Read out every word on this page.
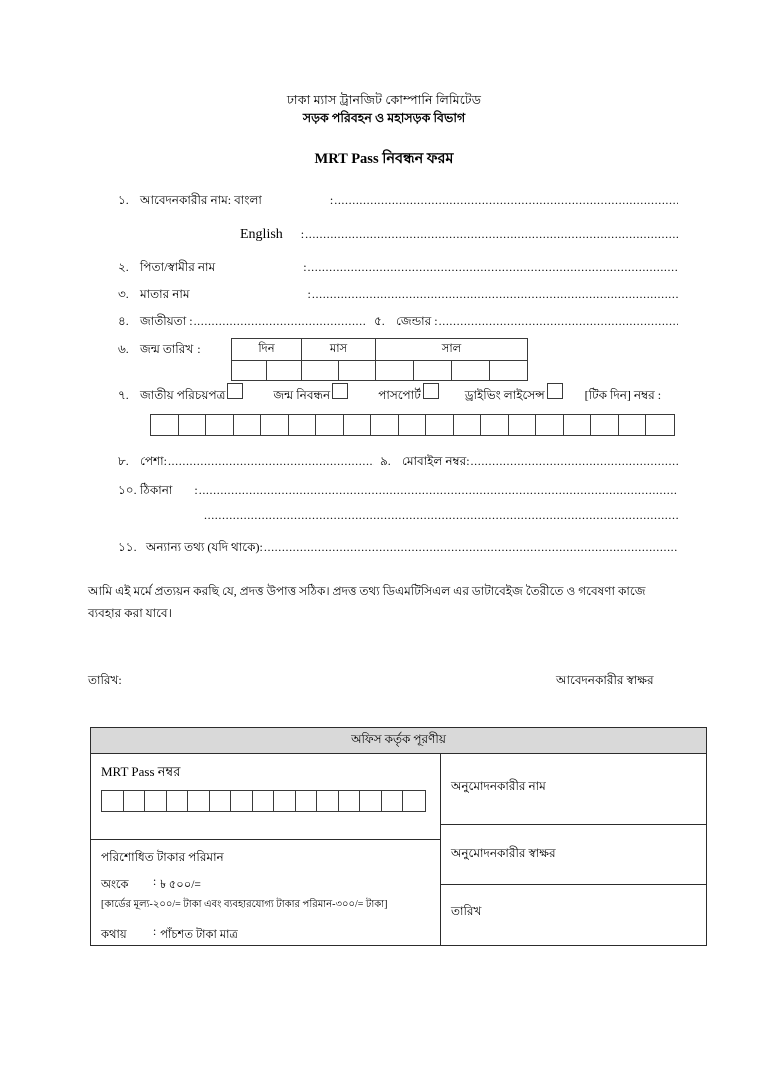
ঢাকা ম্যাস ট্রানজিট কোম্পানি লিমিটেড
সড়ক পরিবহন ও মহাসড়ক বিভাগ
MRT Pass নিবন্ধন ফরম
১. আবেদনকারীর নাম: বাংলা	:
.....
English :
.....
২. পিতা/স্বামীর নাম	:
.....
৩. মাতার নাম	:
.....
৪. জাতীয়তা : .....	৫. জেন্ডার :
.....
৬. জন্ম তারিখ :	দিন		মাস		সাল			

৭. জাতীয় পরিচয়পত্র	জন্ম নিবন্ধন	পাসপোর্ট	ড্রাইভিং লাইসেন্স	[টিক দিন] নম্বর :
৮. পেশা : .....	৯. মোবাইল নম্বর :
.....
১০. ঠিকানা :
.....
.....
১১. অন্যান্য তথ্য (যদি থাকে) :
.....
আমি এই মর্মে প্রত্যয়ন করছি যে, প্রদত্ত উপাত্ত সঠিক। প্রদত্ত তথ্য ডিএমটিসিএল এর ডাটাবেইজ তৈরীতে ও গবেষণা কাজে ব্যবহার করা যাবে।
তারিখ:	আবেদনকারীর স্বাক্ষর
অফিস কর্তৃক পূরণীয়
MRT Pass নম্বর
পরিশোধিত টাকার পরিমান
অংকে	: ৳ ৫০০/=
[কার্ডের মূল্য-২০০/= টাকা এবং ব্যবহারযোগ্য টাকার পরিমান-৩০০/= টাকা]
কথায়	: পাঁচশত টাকা মাত্র
অনুমোদনকারীর নাম
অনুমোদনকারীর স্বাক্ষর
তারিখ
